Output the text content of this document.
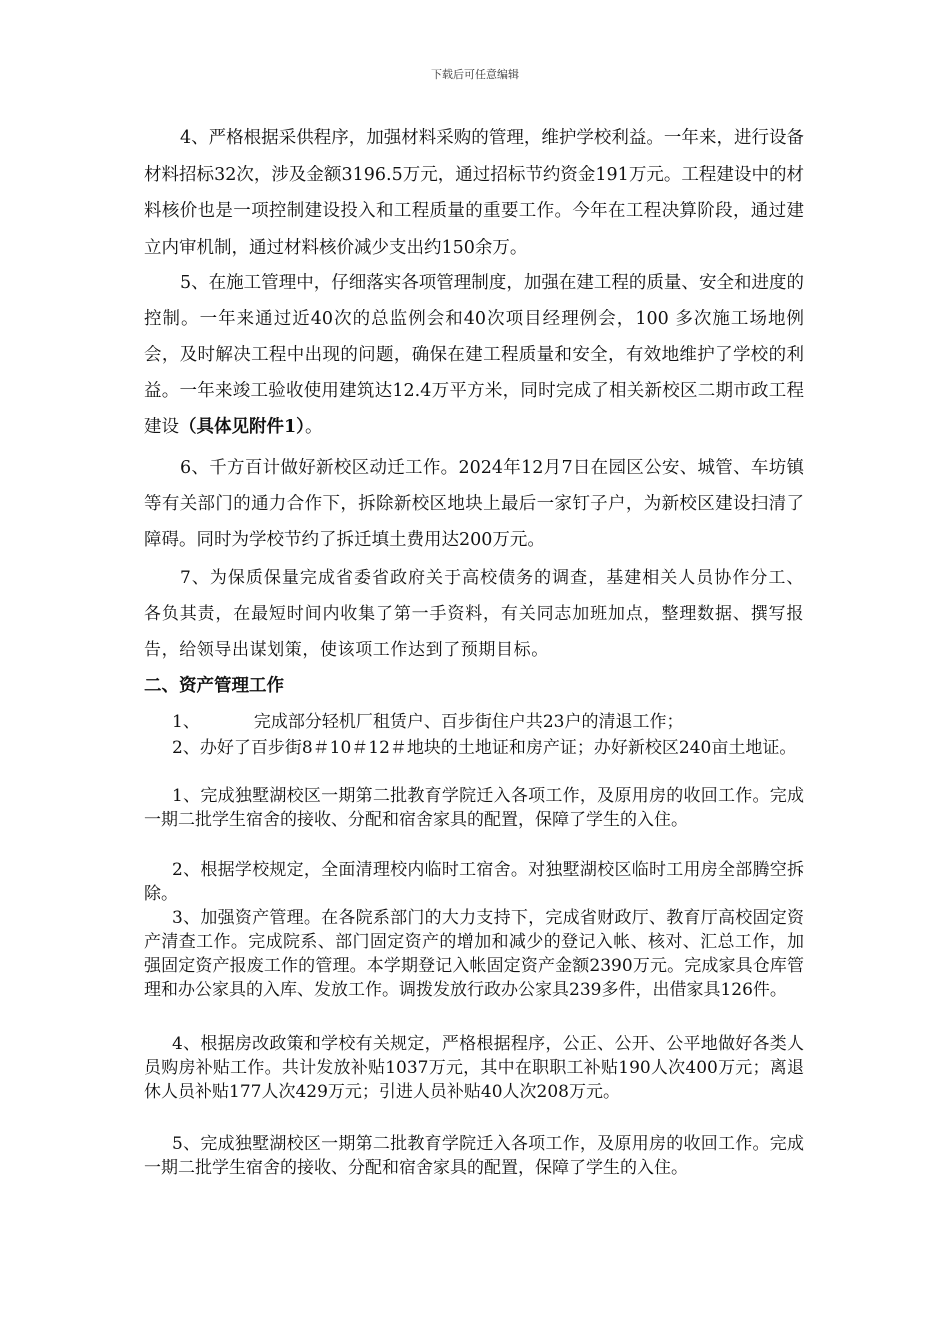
下载后可任意编辑

4、严格根据采供程序，加强材料采购的管理，维护学校利益。一年来，进行设备材料招标32次，涉及金额3196.5万元，通过招标节约资金191万元。工程建设中的材料核价也是一项控制建设投入和工程质量的重要工作。今年在工程决算阶段，通过建立内审机制，通过材料核价减少支出约150余万。

5、在施工管理中，仔细落实各项管理制度，加强在建工程的质量、安全和进度的控制。一年来通过近40次的总监例会和40次项目经理例会，100 多次施工场地例会，及时解决工程中出现的问题，确保在建工程质量和安全，有效地维护了学校的利益。一年来竣工验收使用建筑达12.4万平方米，同时完成了相关新校区二期市政工程建设（具体见附件1）。

6、千方百计做好新校区动迁工作。2024年12月7日在园区公安、城管、车坊镇等有关部门的通力合作下，拆除新校区地块上最后一家钉子户，为新校区建设扫清了障碍。同时为学校节约了拆迁填土费用达200万元。

7、为保质保量完成省委省政府关于高校债务的调查，基建相关人员协作分工、各负其责，在最短时间内收集了第一手资料，有关同志加班加点，整理数据、撰写报告，给领导出谋划策，使该项工作达到了预期目标。

二、资产管理工作

1、	完成部分轻机厂租赁户、百步街住户共23户的清退工作；

2、办好了百步街8＃10＃12＃地块的土地证和房产证；办好新校区240亩土地证。

1、完成独墅湖校区一期第二批教育学院迁入各项工作，及原用房的收回工作。完成一期二批学生宿舍的接收、分配和宿舍家具的配置，保障了学生的入住。

2、根据学校规定，全面清理校内临时工宿舍。对独墅湖校区临时工用房全部腾空拆除。

3、加强资产管理。在各院系部门的大力支持下，完成省财政厅、教育厅高校固定资产清查工作。完成院系、部门固定资产的增加和减少的登记入帐、核对、汇总工作，加强固定资产报废工作的管理。本学期登记入帐固定资产金额2390万元。完成家具仓库管理和办公家具的入库、发放工作。调拨发放行政办公家具239多件，出借家具126件。

4、根据房改政策和学校有关规定，严格根据程序，公正、公开、公平地做好各类人员购房补贴工作。共计发放补贴1037万元，其中在职职工补贴190人次400万元；离退休人员补贴177人次429万元；引进人员补贴40人次208万元。

5、完成独墅湖校区一期第二批教育学院迁入各项工作，及原用房的收回工作。完成一期二批学生宿舍的接收、分配和宿舍家具的配置，保障了学生的入住。
